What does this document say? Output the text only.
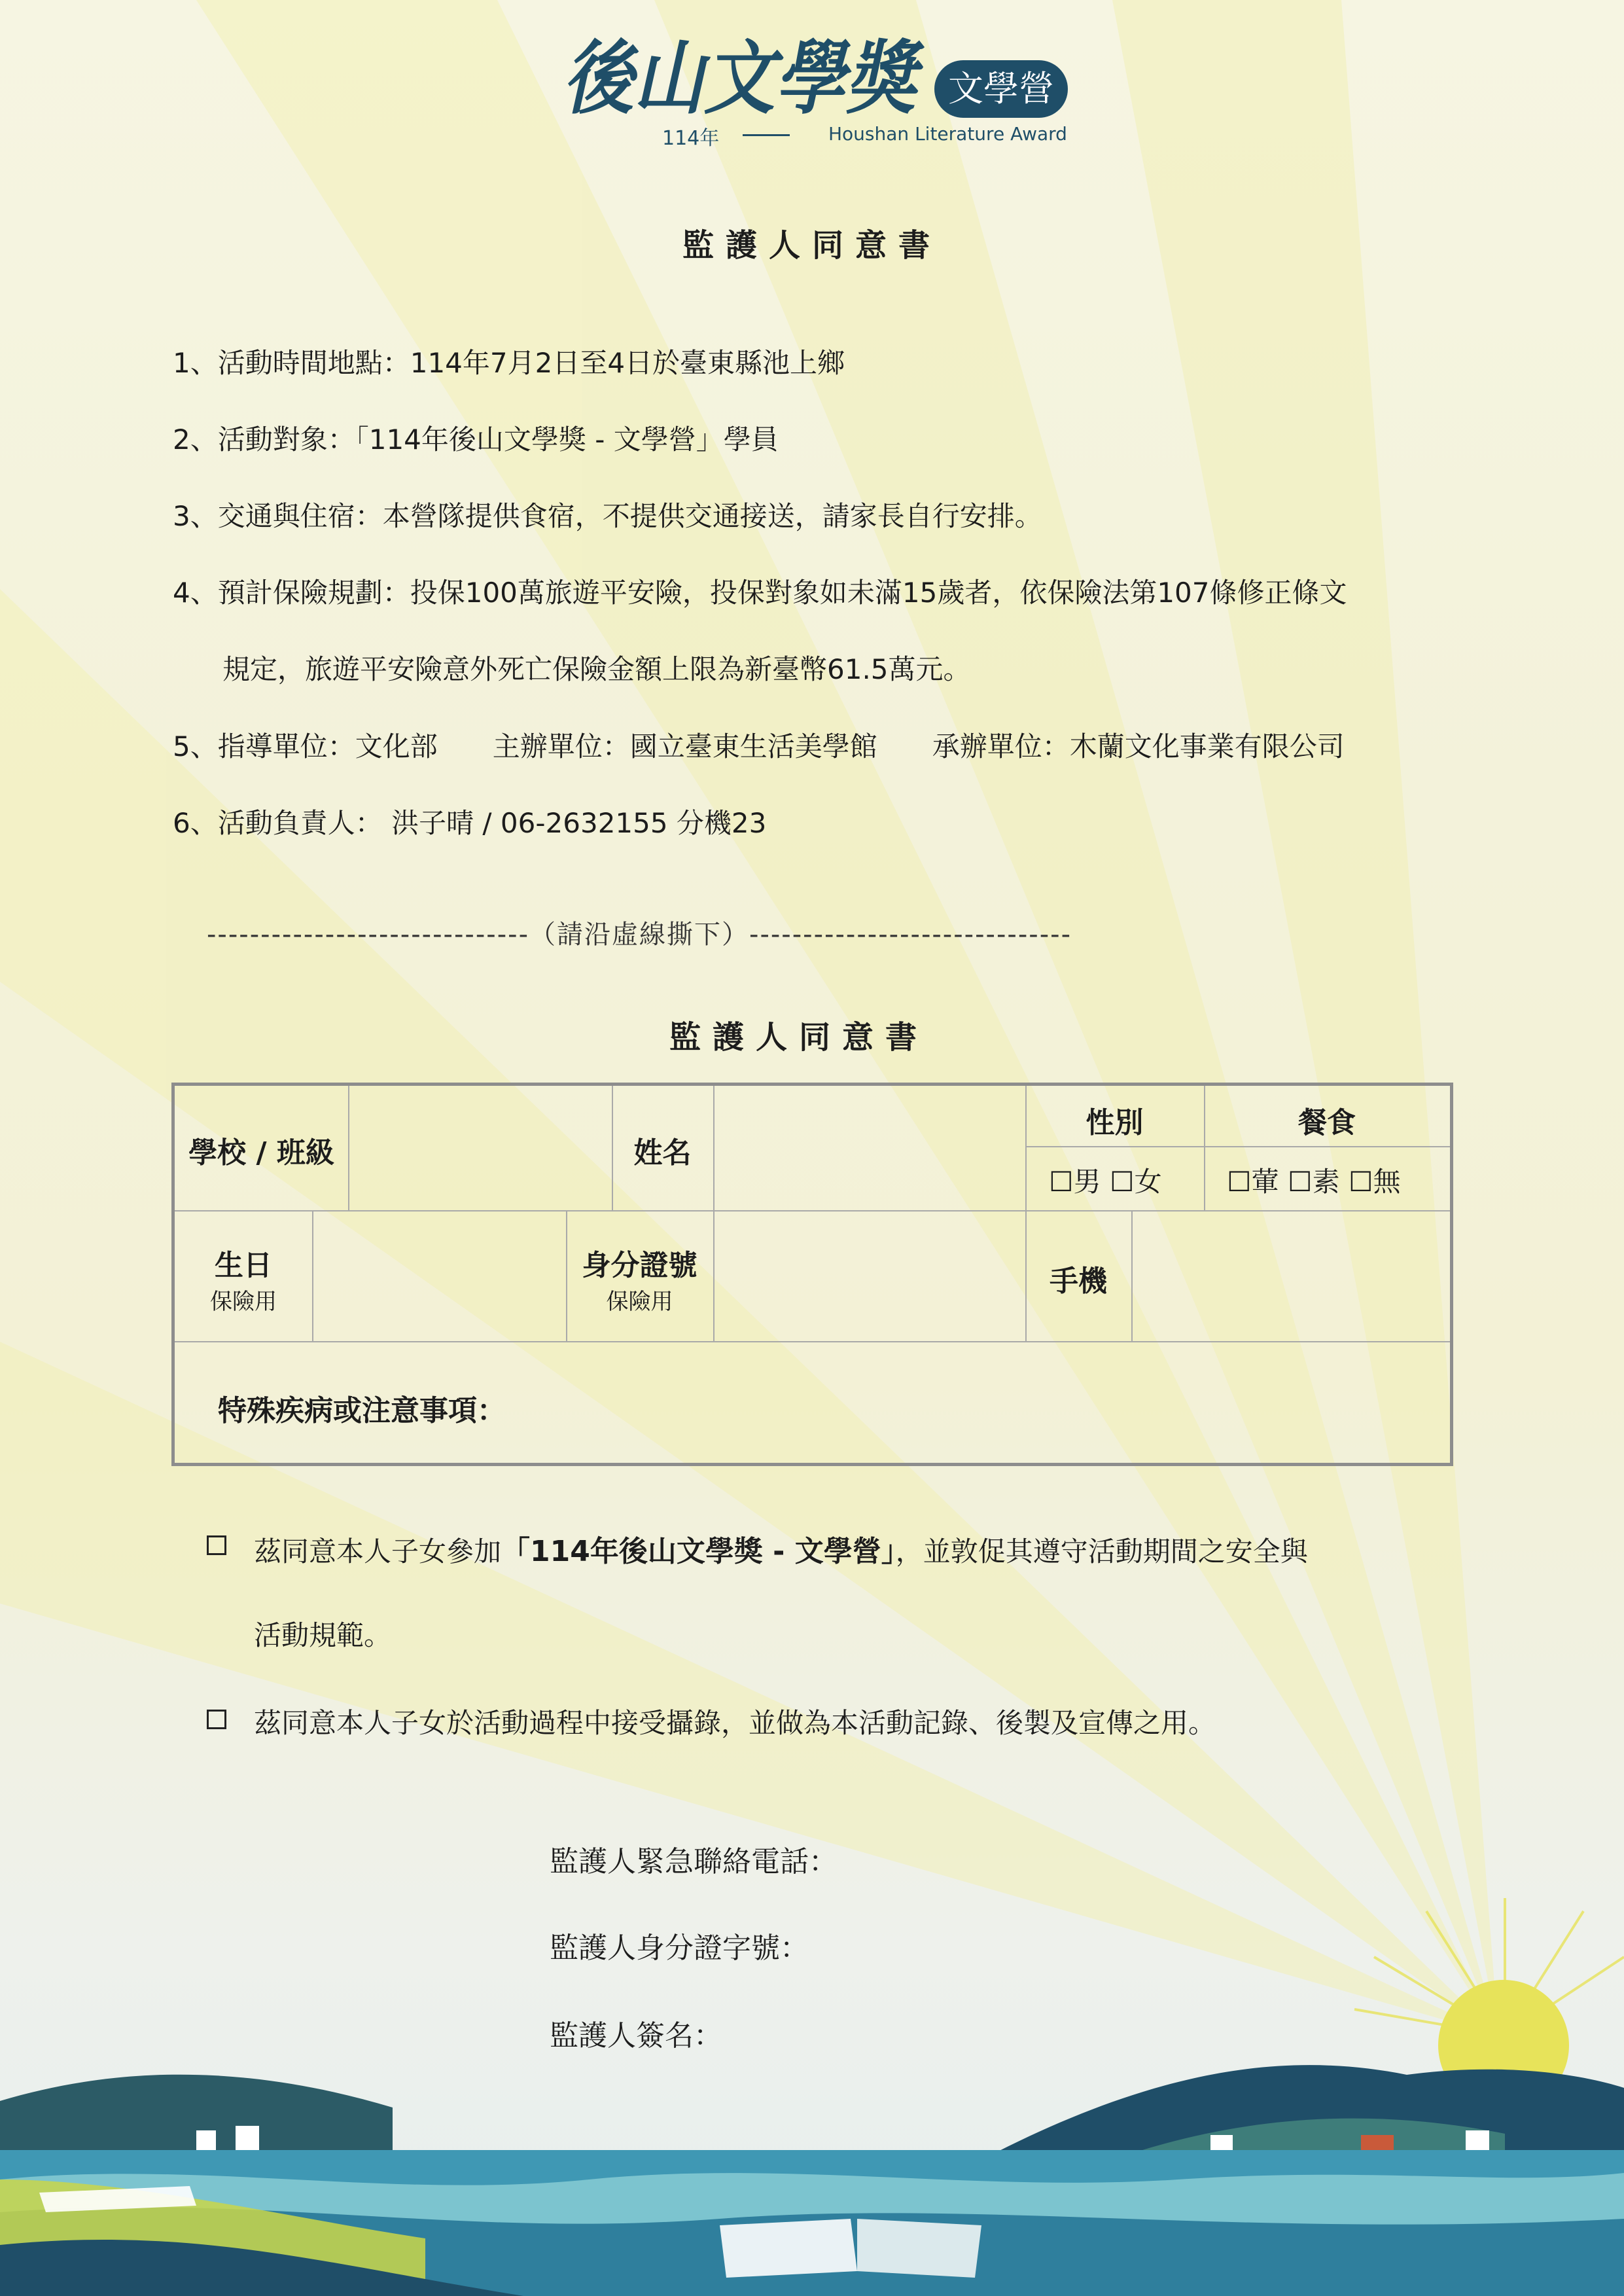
後山文學獎 文學營
114年	Houshan Literature Award
監護人同意書
1、活動時間地點：114年7月2日至4日於臺東縣池上鄉
2、活動對象：「114年後山文學獎 - 文學營」學員
3、交通與住宿：本營隊提供食宿，不提供交通接送，請家長自行安排。
4、預計保險規劃：投保100萬旅遊平安險，投保對象如未滿15歲者，依保險法第107條修正條文
規定，旅遊平安險意外死亡保險金額上限為新臺幣61.5萬元。
5、指導單位：文化部　　主辦單位：國立臺東生活美學館　　承辦單位：木蘭文化事業有限公司
6、活動負責人： 洪子晴 / 06-2632155 分機23
------------------------------（請沿虛線撕下）------------------------------
監護人同意書
學校 / 班級	姓名
性別
☐男 ☐女
餐食
☐葷 ☐素 ☐無
生日
保險用
身分證號
保險用
手機
特殊疾病或注意事項：
茲同意本人子女參加「114年後山文學獎 - 文學營」，並敦促其遵守活動期間之安全與
活動規範。
茲同意本人子女於活動過程中接受攝錄，並做為本活動記錄、後製及宣傳之用。
監護人緊急聯絡電話：
監護人身分證字號：
監護人簽名：
